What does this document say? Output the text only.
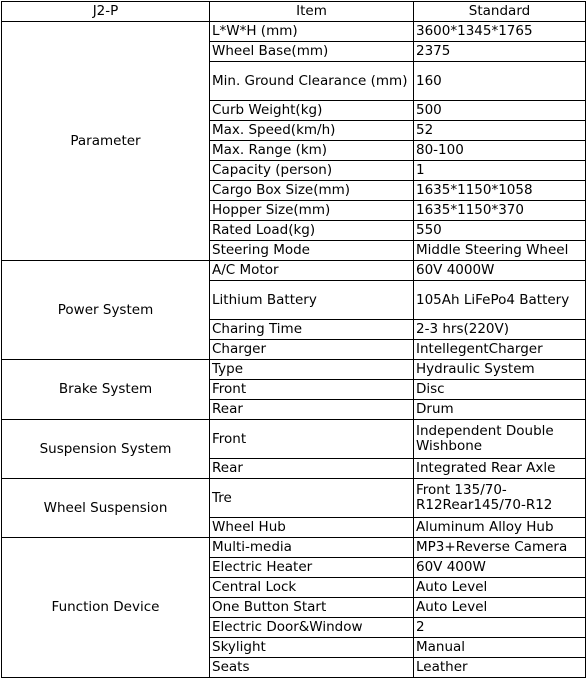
J2-P	Item	Standard
Parameter	L*W*H (mm)	3600*1345*1765
	Wheel Base(mm)	2375
	Min. Ground Clearance (mm)	160
	Curb Weight(kg)	500
	Max. Speed(km/h)	52
	Max. Range (km)	80-100
	Capacity (person)	1
	Cargo Box Size(mm)	1635*1150*1058
	Hopper Size(mm)	1635*1150*370
	Rated Load(kg)	550
	Steering Mode	Middle Steering Wheel
Power System	A/C Motor	60V 4000W
	Lithium Battery	105Ah LiFePo4 Battery
	Charing Time	2-3 hrs(220V)
	Charger	IntellegentCharger
Brake System	Type	Hydraulic System
	Front	Disc
	Rear	Drum
Suspension System	Front	Independent Double Wishbone
	Rear	Integrated Rear Axle
Wheel Suspension	Tre	Front 135/70-R12Rear145/70-R12
	Wheel Hub	Aluminum Alloy Hub
Function Device	Multi-media	MP3+Reverse Camera
	Electric Heater	60V 400W
	Central Lock	Auto Level
	One Button Start	Auto Level
	Electric Door&Window	2
	Skylight	Manual
	Seats	Leather
